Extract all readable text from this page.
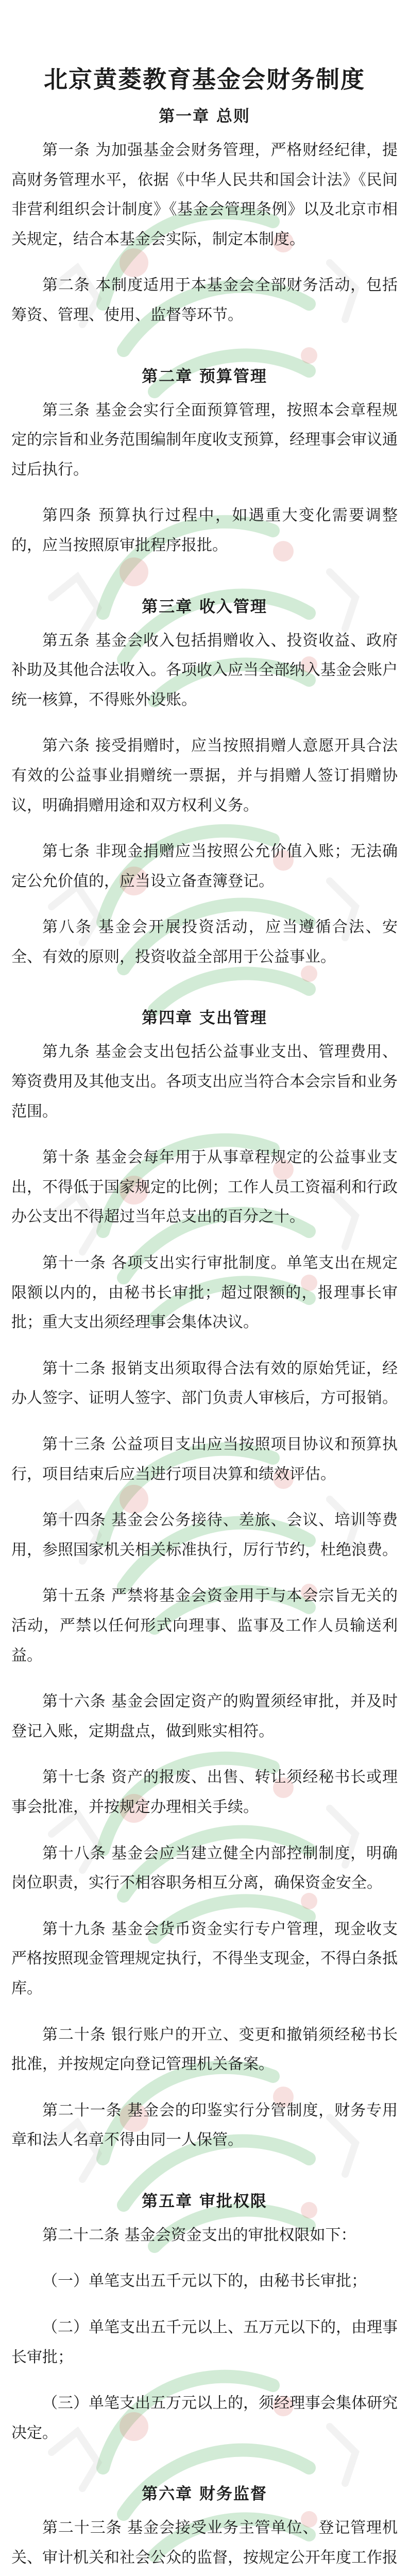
北京黄菱教育基金会财务制度
第一章 总则
第一条 为加强基金会财务管理，严格财经纪律，提高财务管理水平，依据《中华人民共和国会计法》《民间非营利组织会计制度》《基金会管理条例》以及北京市相关规定，结合本基金会实际，制定本制度。
第二条 本制度适用于本基金会全部财务活动，包括筹资、管理、使用、监督等环节。
第二章 预算管理
第三条 基金会实行全面预算管理，按照本会章程规定的宗旨和业务范围编制年度收支预算，经理事会审议通过后执行。
第四条 预算执行过程中，如遇重大变化需要调整的，应当按照原审批程序报批。
第三章 收入管理
第五条 基金会收入包括捐赠收入、投资收益、政府补助及其他合法收入。各项收入应当全部纳入基金会账户统一核算，不得账外设账。
第六条 接受捐赠时，应当按照捐赠人意愿开具合法有效的公益事业捐赠统一票据，并与捐赠人签订捐赠协议，明确捐赠用途和双方权利义务。
第七条 非现金捐赠应当按照公允价值入账；无法确定公允价值的，应当设立备查簿登记。
第八条 基金会开展投资活动，应当遵循合法、安全、有效的原则，投资收益全部用于公益事业。
第四章 支出管理
第九条 基金会支出包括公益事业支出、管理费用、筹资费用及其他支出。各项支出应当符合本会宗旨和业务范围。
第十条 基金会每年用于从事章程规定的公益事业支出，不得低于国家规定的比例；工作人员工资福利和行政办公支出不得超过当年总支出的百分之十。
第十一条 各项支出实行审批制度。单笔支出在规定限额以内的，由秘书长审批；超过限额的，报理事长审批；重大支出须经理事会集体决议。
第十二条 报销支出须取得合法有效的原始凭证，经办人签字、证明人签字、部门负责人审核后，方可报销。
第十三条 公益项目支出应当按照项目协议和预算执行，项目结束后应当进行项目决算和绩效评估。
第十四条 基金会公务接待、差旅、会议、培训等费用，参照国家机关相关标准执行，厉行节约，杜绝浪费。
第十五条 严禁将基金会资金用于与本会宗旨无关的活动，严禁以任何形式向理事、监事及工作人员输送利益。
第十六条 基金会固定资产的购置须经审批，并及时登记入账，定期盘点，做到账实相符。
第十七条 资产的报废、出售、转让须经秘书长或理事会批准，并按规定办理相关手续。
第十八条 基金会应当建立健全内部控制制度，明确岗位职责，实行不相容职务相互分离，确保资金安全。
第十九条 基金会货币资金实行专户管理，现金收支严格按照现金管理规定执行，不得坐支现金，不得白条抵库。
第二十条 银行账户的开立、变更和撤销须经秘书长批准，并按规定向登记管理机关备案。
第二十一条 基金会的印鉴实行分管制度，财务专用章和法人名章不得由同一人保管。
第五章 审批权限
第二十二条 基金会资金支出的审批权限如下：
（一）单笔支出五千元以下的，由秘书长审批；
（二）单笔支出五千元以上、五万元以下的，由理事长审批；
（三）单笔支出五万元以上的，须经理事会集体研究决定。
第六章 财务监督
第二十三条 基金会接受业务主管单位、登记管理机关、审计机关和社会公众的监督，按规定公开年度工作报
